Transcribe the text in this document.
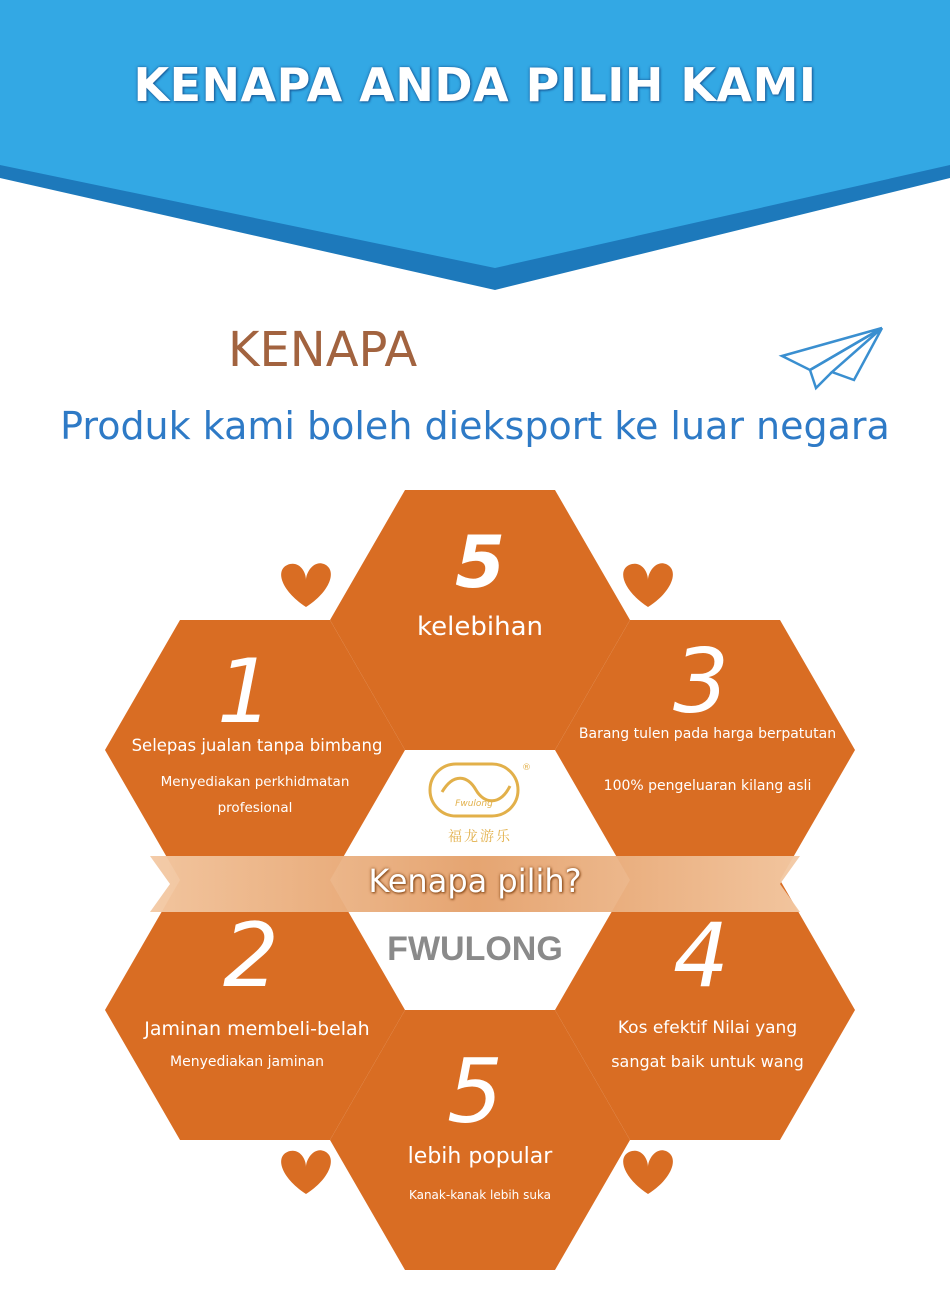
KENAPA ANDA PILIH KAMI
KENAPA
Produk kami boleh dieksport ke luar negara
Fwulong
®
福龙游乐
Kenapa pilih?
FWULONG
5
kelebihan
1
Selepas jualan tanpa bimbang
Menyediakan perkhidmatan
profesional
3
Barang tulen pada harga berpatutan
100% pengeluaran kilang asli
2
Jaminan membeli-belah
Menyediakan jaminan
4
Kos efektif Nilai yang
sangat baik untuk wang
5
lebih popular
Kanak-kanak lebih suka
